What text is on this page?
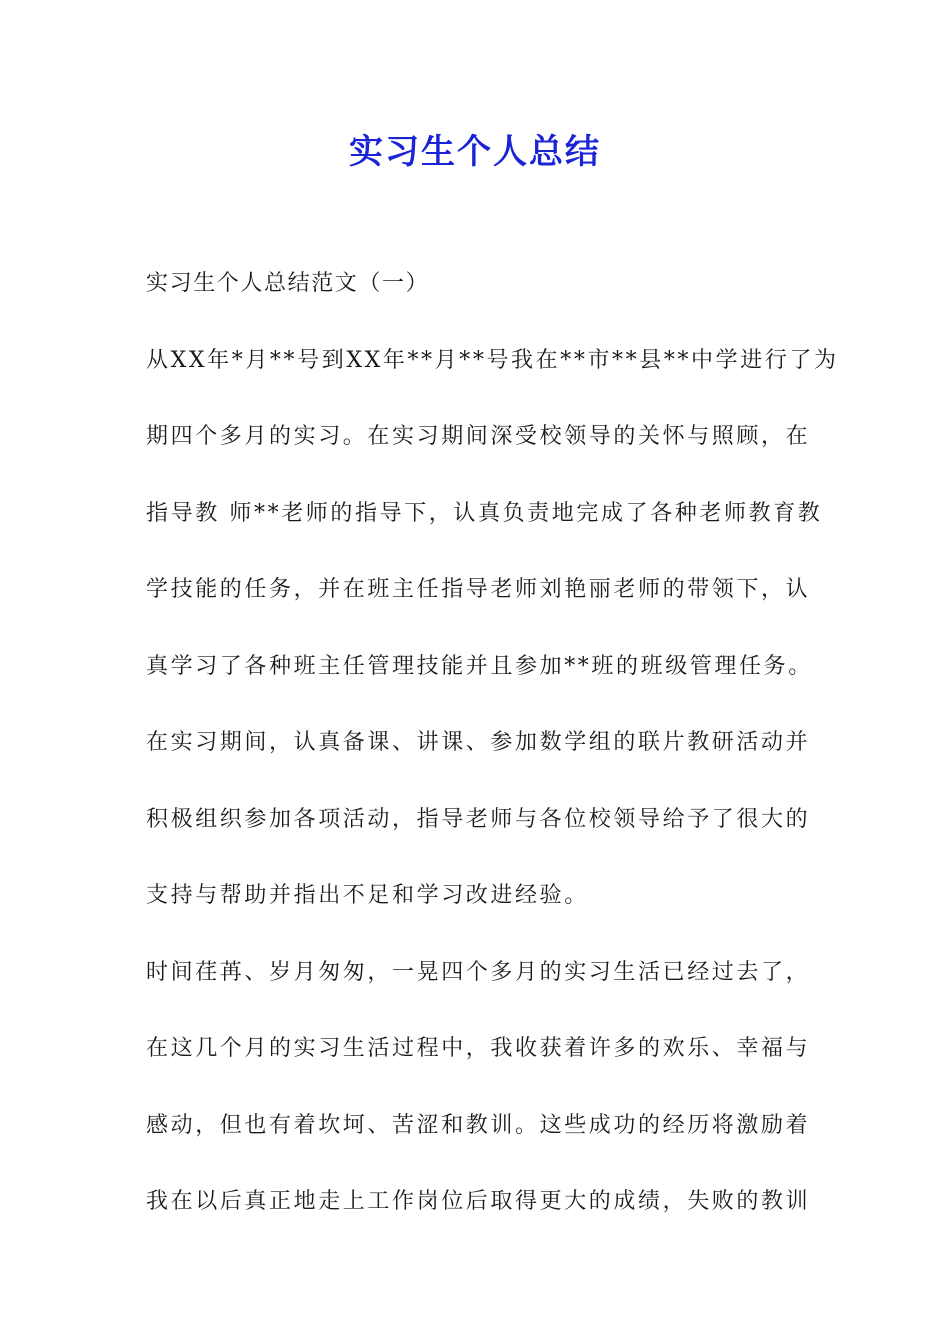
实习生个人总结

实习生个人总结范文（一）

从XX年*月**号到XX年**月**号我在**市**县**中学进行了为

期四个多月的实习。在实习期间深受校领导的关怀与照顾，在

指导教 师**老师的指导下，认真负责地完成了各种老师教育教

学技能的任务，并在班主任指导老师刘艳丽老师的带领下，认

真学习了各种班主任管理技能并且参加**班的班级管理任务。

在实习期间，认真备课、讲课、参加数学组的联片教研活动并

积极组织参加各项活动，指导老师与各位校领导给予了很大的

支持与帮助并指出不足和学习改进经验。

时间荏苒、岁月匆匆，一晃四个多月的实习生活已经过去了，

在这几个月的实习生活过程中，我收获着许多的欢乐、幸福与

感动，但也有着坎坷、苦涩和教训。这些成功的经历将激励着

我在以后真正地走上工作岗位后取得更大的成绩，失败的教训
